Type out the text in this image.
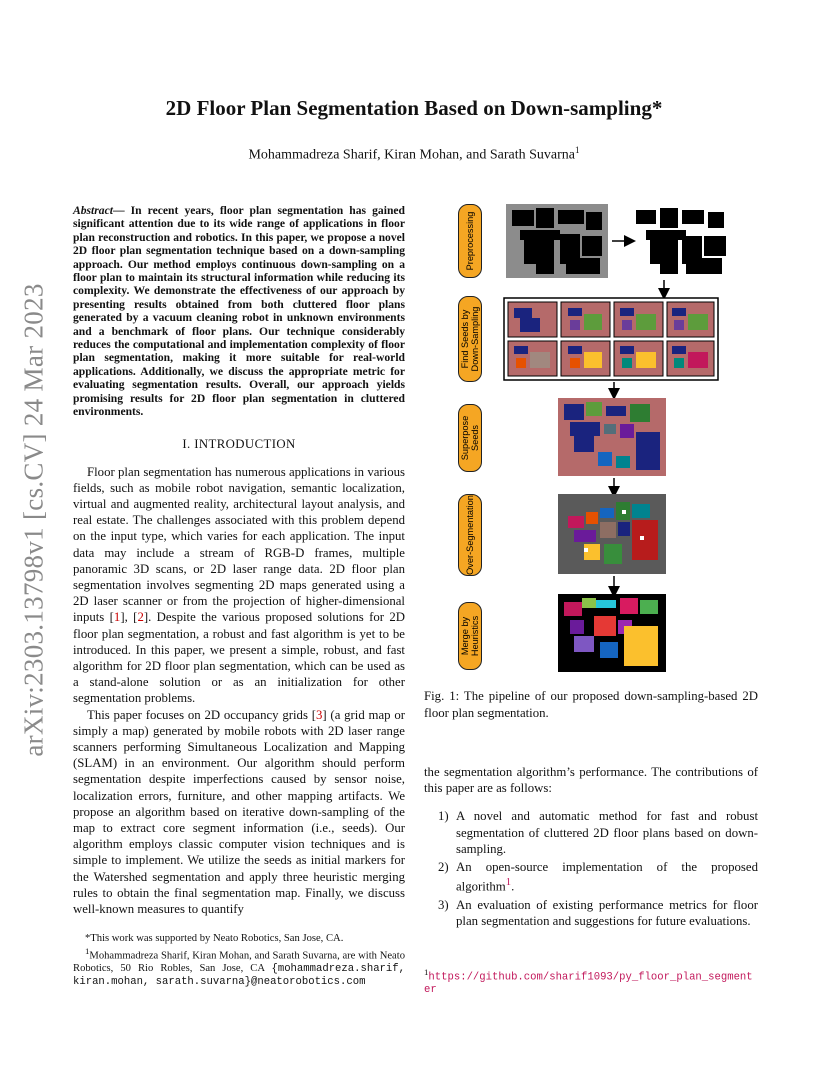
arXiv:2303.13798v1 [cs.CV] 24 Mar 2023
2D Floor Plan Segmentation Based on Down-sampling*
Mohammadreza Sharif, Kiran Mohan, and Sarath Suvarna$^1$

Abstract— In recent years, floor plan segmentation has gained significant attention due to its wide range of applications in floor plan reconstruction and robotics. In this paper, we propose a novel 2D floor plan segmentation technique based on a down-sampling approach. Our method employs continuous down-sampling on a floor plan to maintain its structural information while reducing its complexity. We demonstrate the effectiveness of our approach by presenting results obtained from both cluttered floor plans generated by a vacuum cleaning robot in unknown environments and a benchmark of floor plans. Our technique considerably reduces the computational and implementation complexity of floor plan segmentation, making it more suitable for real-world applications. Additionally, we discuss the appropriate metric for evaluating segmentation results. Overall, our approach yields promising results for 2D floor plan segmentation in cluttered environments.

I. INTRODUCTION

Floor plan segmentation has numerous applications in various fields, such as mobile robot navigation, semantic localization, virtual and augmented reality, architectural layout analysis, and real estate. The challenges associated with this problem depend on the input type, which varies for each application. The input data may include a stream of RGB-D frames, multiple panoramic 3D scans, or 2D laser range data. 2D floor plan segmentation involves segmenting 2D maps generated using a 2D laser scanner or from the projection of higher-dimensional inputs [1], [2]. Despite the various proposed solutions for 2D floor plan segmentation, a robust and fast algorithm is yet to be introduced. In this paper, we present a simple, robust, and fast algorithm for 2D floor plan segmentation, which can be used as a stand-alone solution or as an initialization for other segmentation problems.

This paper focuses on 2D occupancy grids [3] (a grid map or simply a map) generated by mobile robots with 2D laser range scanners performing Simultaneous Localization and Mapping (SLAM) in an environment. Our algorithm should perform segmentation despite imperfections caused by sensor noise, localization errors, furniture, and other mapping artifacts. We propose an algorithm based on iterative down-sampling of the map to extract core segment information (i.e., seeds). Our algorithm employs classic computer vision techniques and is simple to implement. We utilize the seeds as initial markers for the Watershed segmentation and apply three heuristic merging rules to obtain the final segmentation map. Finally, we discuss well-known measures to quantify

*This work was supported by Neato Robotics, San Jose, CA.

$^1$Mohammadreza Sharif, Kiran Mohan, and Sarath Suvarna, are with Neato Robotics, 50 Rio Robles, San Jose, CA {mohammadreza.sharif, kiran.mohan, sarath.suvarna}@neatorobotics.com

Preprocessing
Find Seeds by Down-Sampling
Superpose Seeds
Over-Segmentation
Merge by Heuristics
Fig. 1: The pipeline of our proposed down-sampling-based 2D floor plan segmentation.

the segmentation algorithm’s performance. The contributions of this paper are as follows:

1) A novel and automatic method for fast and robust segmentation of cluttered 2D floor plans based on down-sampling.
2) An open-source implementation of the proposed algorithm$^1$.
3) An evaluation of existing performance metrics for floor plan segmentation and suggestions for future evaluations.
$^1$https://github.com/sharif1093/py_floor_plan_segmenter
